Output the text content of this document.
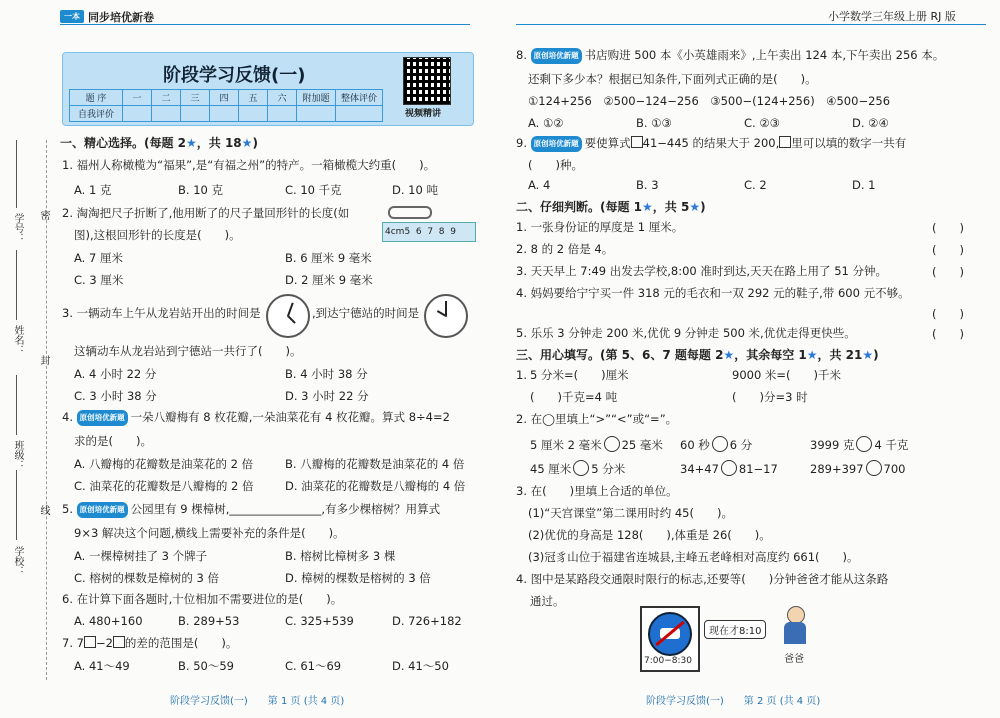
学校：
班级：
姓名：
学号： 密
封
线
一本 同步培优新卷
阶段学习反馈(一)
题 序	一	二	三	四	五	六	附加题	整体评价
自我评价									视频精讲
一、精心选择。(每题 2★，共 18★)
1. 福州人称橄榄为“福果”,是“有福之州”的特产。一箱橄榄大约重(　　)。
A. 1 克	B. 10 克	C. 10 千克	D. 10 吨
2. 淘淘把尺子折断了,他用断了的尺子量回形针的长度(如
图),这根回形针的长度是(　　)。	4cm5  6  7  8  9
A. 7 厘米	B. 6 厘米 9 毫米
C. 3 厘米	D. 2 厘米 9 毫米
3. 一辆动车上午从龙岩站开出的时间是	,到达宁德站的时间是
这辆动车从龙岩站到宁德站一共行了(　　)。
A. 4 小时 22 分	B. 4 小时 38 分
C. 3 小时 38 分	D. 3 小时 22 分
4. 原创培优新题 一朵八瓣梅有 8 枚花瓣,一朵油菜花有 4 枚花瓣。算式 8÷4=2
求的是(　　)。
A. 八瓣梅的花瓣数是油菜花的 2 倍	B. 八瓣梅的花瓣数是油菜花的 4 倍
C. 油菜花的花瓣数是八瓣梅的 2 倍	D. 油菜花的花瓣数是八瓣梅的 4 倍
5. 原创培优新题 公园里有 9 棵樟树,________________,有多少棵榕树？用算式
9×3 解决这个问题,横线上需要补充的条件是(　　)。
A. 一棵樟树挂了 3 个牌子	B. 榕树比樟树多 3 棵
C. 榕树的棵数是樟树的 3 倍	D. 樟树的棵数是榕树的 3 倍
6. 在计算下面各题时,十位相加不需要进位的是(　　)。
A. 480+160	B. 289+53	C. 325+539	D. 726+182
7. 7 −2 的差的范围是(　　)。
A. 41～49	B. 50～59	C. 61～69	D. 41～50
阶段学习反馈(一)　　第 1 页 (共 4 页)
小学数学三年级上册 RJ 版
8. 原创培优新题 书店购进 500 本《小英雄雨来》,上午卖出 124 本,下午卖出 256 本。
还剩下多少本？根据已知条件,下面列式正确的是(　　)。
①124+256　②500−124−256　③500−(124+256)　④500−256
A. ①②	B. ①③	C. ②③	D. ②④
9. 原创培优新题 要使算式 41−445 的结果大于 200, 里可以填的数字一共有
(　　)种。
A. 4	B. 3	C. 2	D. 1
二、仔细判断。(每题 1★，共 5★)
1. 一张身份证的厚度是 1 厘米。	(　　)
2. 8 的 2 倍是 4。	(　　)
3. 天天早上 7:49 出发去学校,8:00 准时到达,天天在路上用了 51 分钟。	(　　)
4. 妈妈要给宁宁买一件 318 元的毛衣和一双 292 元的鞋子,带 600 元不够。
(　　)
5. 乐乐 3 分钟走 200 米,优优 9 分钟走 500 米,优优走得更快些。	(　　)
三、用心填写。(第 5、6、7 题每题 2★，其余每空 1★，共 21★)
1. 5 分米=(　　)厘米	9000 米=(　　)千米
(　　)千克=4 吨	(　　)分=3 时
2. 在◯里填上“>”“<”或“=”。
5 厘米 2 毫米 25 毫米 60 秒 6 分	3999 克 4 千克
45 厘米 5 分米	34+47 81−17	289+397 700
3. 在(　　)里填上合适的单位。
(1)“天宫课堂”第二课用时约 45(　　)。
(2)优优的身高是 128(　　),体重是 26(　　)。
(3)冠豸山位于福建省连城县,主峰五老峰相对高度约 661(　　)。
4. 图中是某路段交通限时限行的标志,还要等(　　)分钟爸爸才能从这条路
通过。
7:00−8:30
现在才8:10
爸爸
阶段学习反馈(一)　　第 2 页 (共 4 页)
